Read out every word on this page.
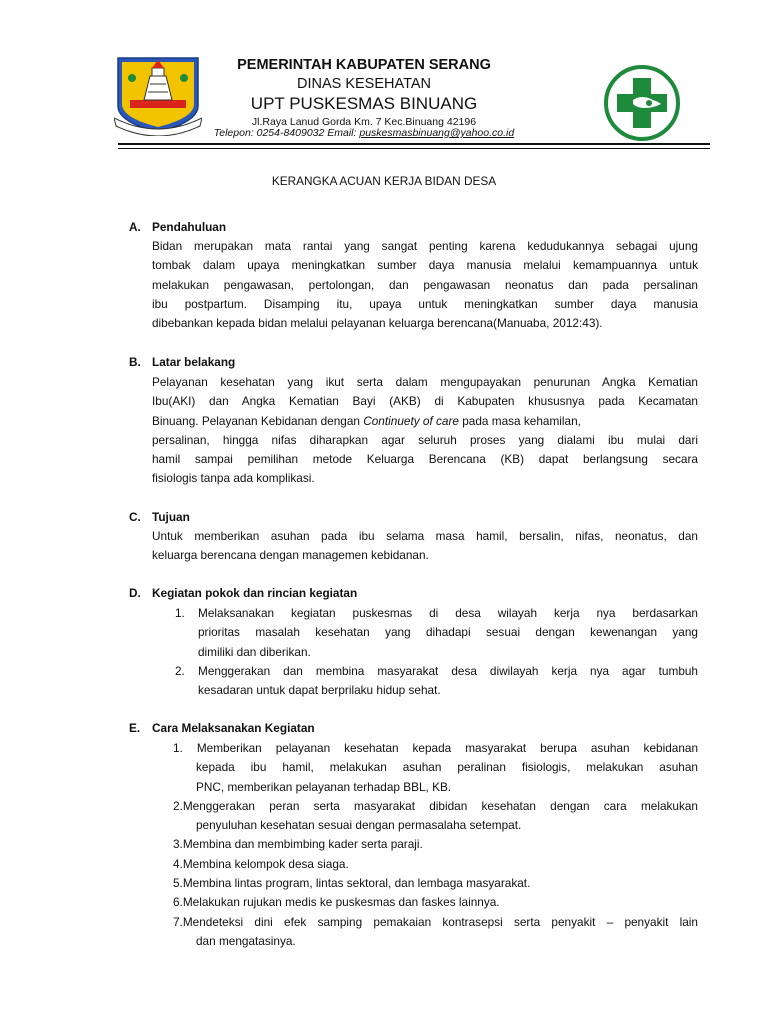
PEMERINTAH KABUPATEN SERANG
DINAS KESEHATAN
UPT PUSKESMAS BINUANG
Jl.Raya Lanud Gorda Km. 7 Kec.Binuang 42196
Telepon: 0254-8409032 Email: puskesmasbinuang@yahoo.co.id
KERANGKA ACUAN KERJA BIDAN DESA
A. Pendahuluan
Bidan merupakan mata rantai yang sangat penting karena kedudukannya sebagai ujung
tombak dalam upaya meningkatkan sumber daya manusia melalui kemampuannya untuk
melakukan pengawasan, pertolongan, dan pengawasan neonatus dan pada persalinan
ibu postpartum. Disamping itu, upaya untuk meningkatkan sumber daya manusia
dibebankan kepada bidan melalui pelayanan keluarga berencana(Manuaba, 2012:43).
B. Latar belakang
Pelayanan kesehatan yang ikut serta dalam mengupayakan penurunan Angka Kematian
Ibu(AKI) dan Angka Kematian Bayi (AKB) di Kabupaten khususnya pada Kecamatan
Binuang. Pelayanan Kebidanan dengan Continuety of care pada masa kehamilan,
persalinan, hingga nifas diharapkan agar seluruh proses yang dialami ibu mulai dari
hamil sampai pemilihan metode Keluarga Berencana (KB) dapat berlangsung secara
fisiologis tanpa ada komplikasi.
C. Tujuan
Untuk memberikan asuhan pada ibu selama masa hamil, bersalin, nifas, neonatus, dan
keluarga berencana dengan managemen kebidanan.
D. Kegiatan pokok dan rincian kegiatan
1. Melaksanakan kegiatan puskesmas di desa wilayah kerja nya berdasarkan
prioritas masalah kesehatan yang dihadapi sesuai dengan kewenangan yang
dimiliki dan diberikan.
2. Menggerakan dan membina masyarakat desa diwilayah kerja nya agar tumbuh
kesadaran untuk dapat berprilaku hidup sehat.
E. Cara Melaksanakan Kegiatan
1. Memberikan pelayanan kesehatan kepada masyarakat berupa asuhan kebidanan
kepada ibu hamil, melakukan asuhan peralinan fisiologis, melakukan asuhan
PNC, memberikan pelayanan terhadap BBL, KB.
2.Menggerakan peran serta masyarakat dibidan kesehatan dengan cara melakukan
penyuluhan kesehatan sesuai dengan permasalaha setempat.
3.Membina dan membimbing kader serta paraji.
4.Membina kelompok desa siaga.
5.Membina lintas program, lintas sektoral, dan lembaga masyarakat.
6.Melakukan rujukan medis ke puskesmas dan faskes lainnya.
7.Mendeteksi dini efek samping pemakaian kontrasepsi serta penyakit – penyakit lain
dan mengatasinya.
